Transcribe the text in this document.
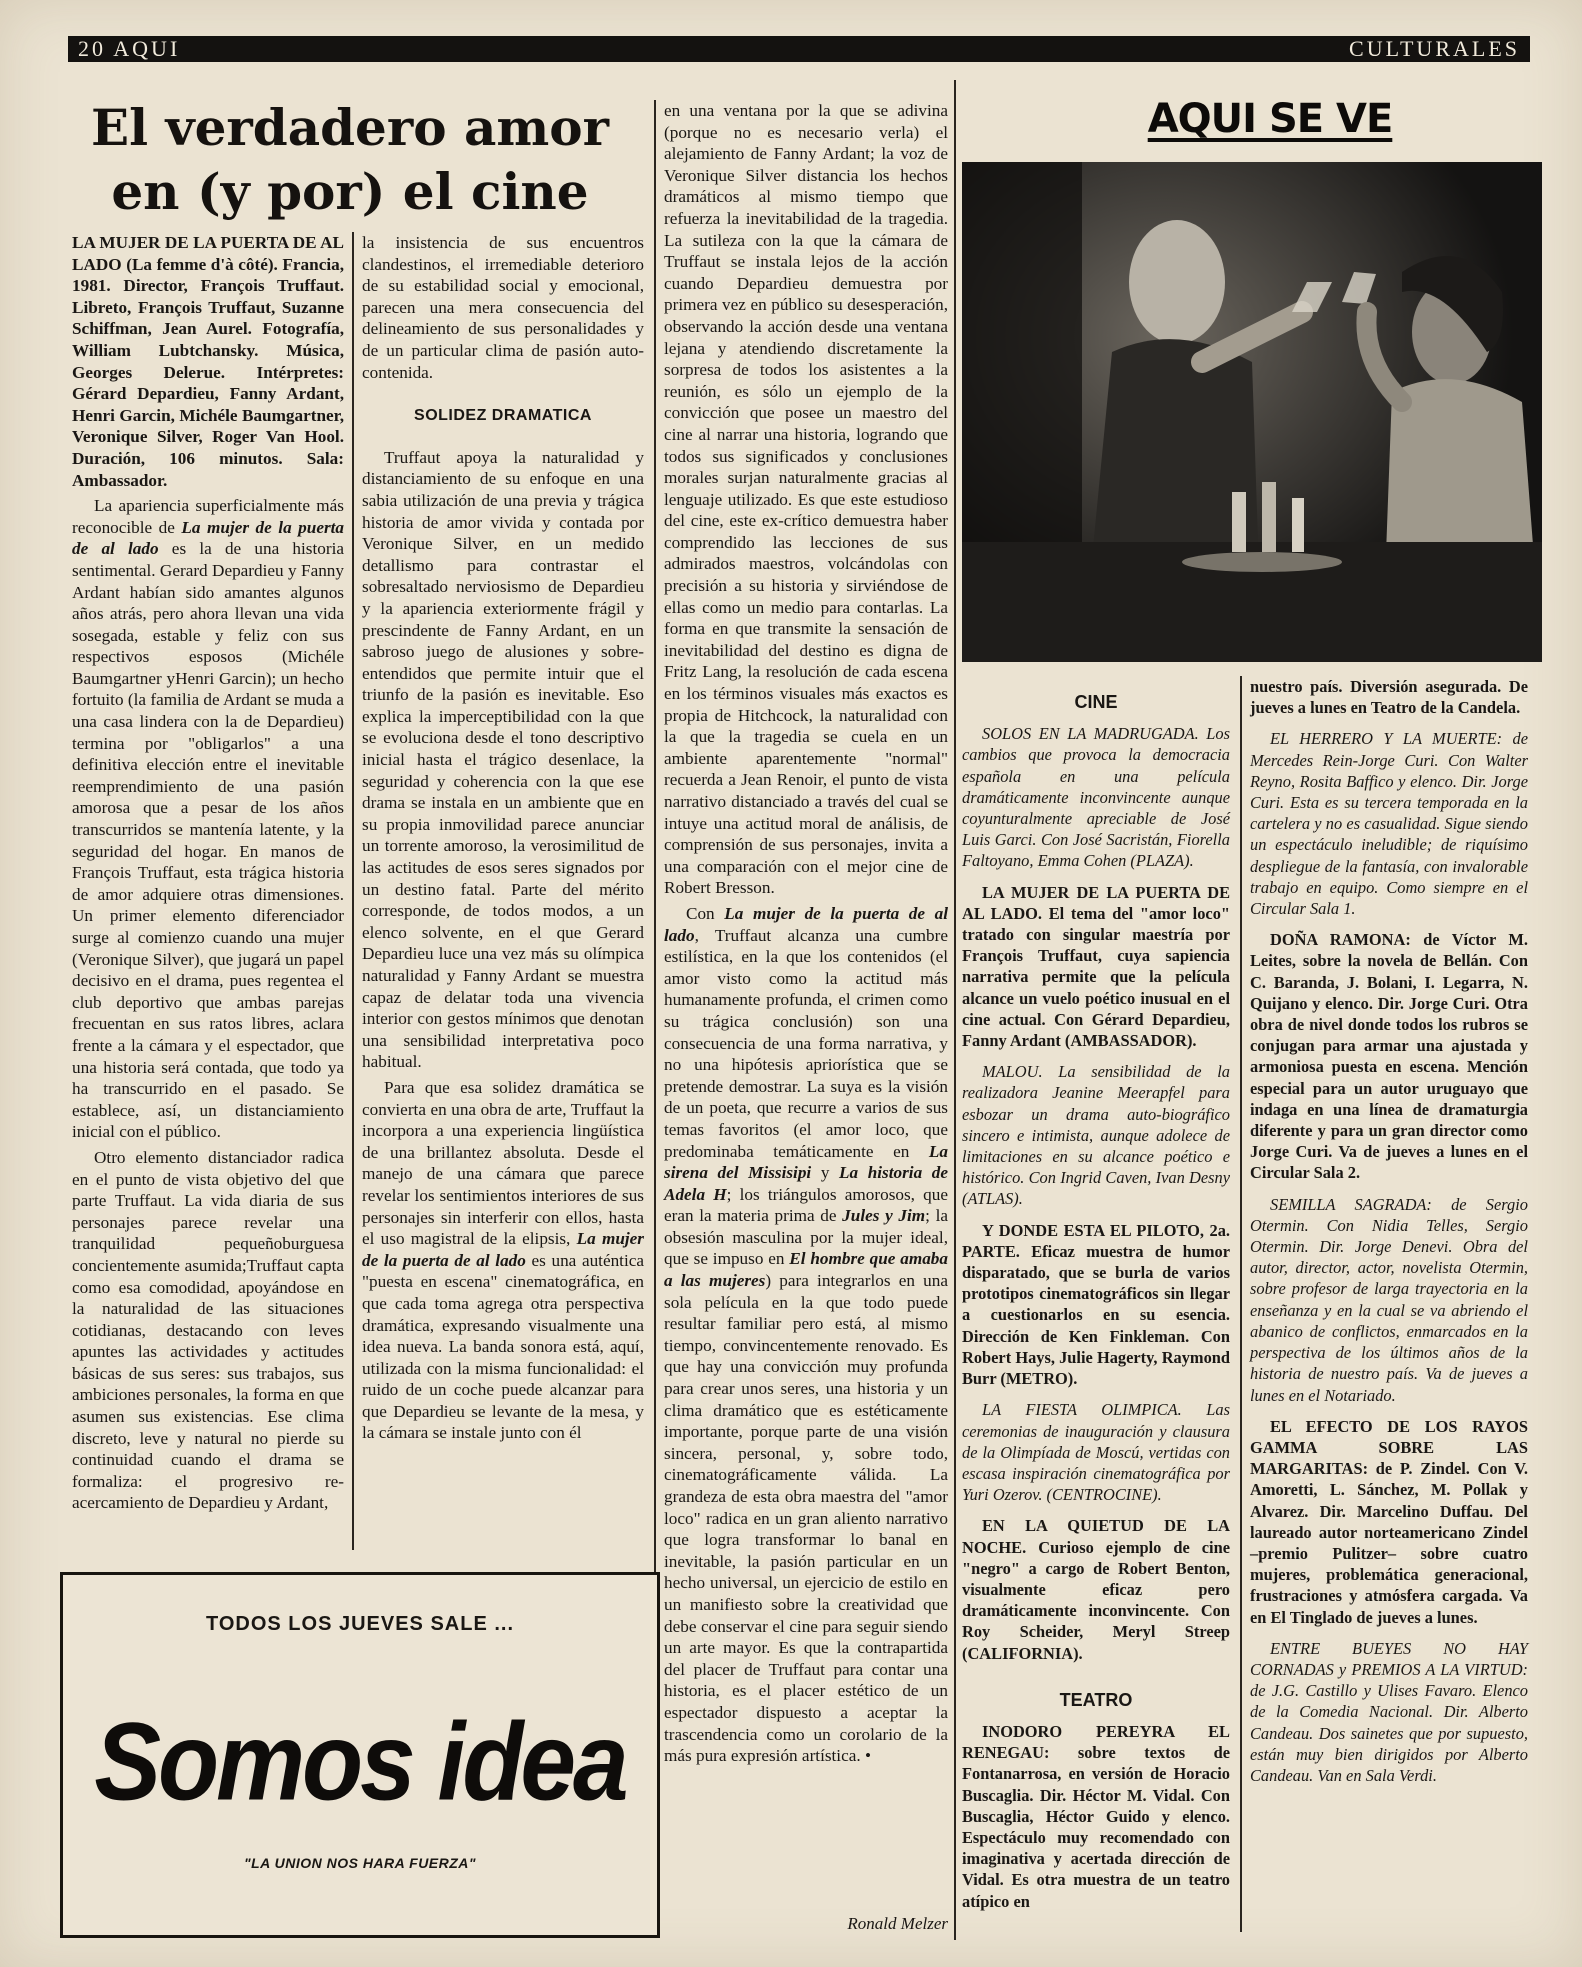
20 AQUI	CULTURALES
El verdadero amor
en (y por) el cine

LA MUJER DE LA PUERTA DE AL LADO (La femme d'à côté). Francia, 1981. Director, François Truffaut. Libreto, François Truffaut, Suzanne Schiffman, Jean Aurel. Fotografía, William Lubtchansky. Música, Georges Delerue. Intérpretes: Gérard Depardieu, Fanny Ardant, Henri Garcin, Michéle Baumgartner, Veronique Silver, Roger Van Hool. Duración, 106 minutos. Sala: Ambassador.

La apariencia superficialmente más reconocible de La mujer de la puerta de al lado es la de una historia sentimental. Gerard Depardieu y Fanny Ardant habían sido amantes algunos años atrás, pero ahora llevan una vida sosegada, estable y feliz con sus respectivos esposos (Michéle Baumgartner yHenri Garcin); un hecho fortuito (la familia de Ardant se muda a una casa lindera con la de Depardieu) termina por "obligarlos" a una definitiva elección entre el inevitable reemprendimiento de una pasión amorosa que a pesar de los años transcurridos se mantenía latente, y la seguridad del hogar. En manos de François Truffaut, esta trágica historia de amor adquiere otras dimensiones. Un primer elemento diferenciador surge al comienzo cuando una mujer (Veronique Silver), que jugará un papel decisivo en el drama, pues regentea el club deportivo que ambas parejas frecuentan en sus ratos libres, aclara frente a la cámara y el espectador, que una historia será contada, que todo ya ha transcurrido en el pasado. Se establece, así, un distanciamiento inicial con el público.

Otro elemento distanciador radica en el punto de vista objetivo del que parte Truffaut. La vida diaria de sus personajes parece revelar una tranquilidad pequeñoburguesa concientemente asumida;Truffaut capta como esa comodidad, apoyándose en la naturalidad de las situaciones cotidianas, destacando con leves apuntes las actividades y actitudes básicas de sus seres: sus trabajos, sus ambiciones personales, la forma en que asumen sus existencias. Ese clima discreto, leve y natural no pierde su continuidad cuando el drama se formaliza: el progresivo re-acercamiento de Depardieu y Ardant,

la insistencia de sus encuentros clandestinos, el irremediable deterioro de su estabilidad social y emocional, parecen una mera consecuencia del delineamiento de sus personalidades y de un particular clima de pasión auto-contenida.

SOLIDEZ DRAMATICA

Truffaut apoya la naturalidad y distanciamiento de su enfoque en una sabia utilización de una previa y trágica historia de amor vivida y contada por Veronique Silver, en un medido detallismo para contrastar el sobresaltado nerviosismo de Depardieu y la apariencia exteriormente frágil y prescindente de Fanny Ardant, en un sabroso juego de alusiones y sobre-entendidos que permite intuir que el triunfo de la pasión es inevitable. Eso explica la imperceptibilidad con la que se evoluciona desde el tono descriptivo inicial hasta el trágico desenlace, la seguridad y coherencia con la que ese drama se instala en un ambiente que en su propia inmovilidad parece anunciar un torrente amoroso, la verosimilitud de las actitudes de esos seres signados por un destino fatal. Parte del mérito corresponde, de todos modos, a un elenco solvente, en el que Gerard Depardieu luce una vez más su olímpica naturalidad y Fanny Ardant se muestra capaz de delatar toda una vivencia interior con gestos mínimos que denotan una sensibilidad interpretativa poco habitual.

Para que esa solidez dramática se convierta en una obra de arte, Truffaut la incorpora a una experiencia lingüística de una brillantez absoluta. Desde el manejo de una cámara que parece revelar los sentimientos interiores de sus personajes sin interferir con ellos, hasta el uso magistral de la elipsis, La mujer de la puerta de al lado es una auténtica "puesta en escena" cinematográfica, en que cada toma agrega otra perspectiva dramática, expresando visualmente una idea nueva. La banda sonora está, aquí, utilizada con la misma funcionalidad: el ruido de un coche puede alcanzar para que Depardieu se levante de la mesa, y la cámara se instale junto con él

en una ventana por la que se adivina (porque no es necesario verla) el alejamiento de Fanny Ardant; la voz de Veronique Silver distancia los hechos dramáticos al mismo tiempo que refuerza la inevitabilidad de la tragedia. La sutileza con la que la cámara de Truffaut se instala lejos de la acción cuando Depardieu demuestra por primera vez en público su desesperación, observando la acción desde una ventana lejana y atendiendo discretamente la sorpresa de todos los asistentes a la reunión, es sólo un ejemplo de la convicción que posee un maestro del cine al narrar una historia, logrando que todos sus significados y conclusiones morales surjan naturalmente gracias al lenguaje utilizado. Es que este estudioso del cine, este ex-crítico demuestra haber comprendido las lecciones de sus admirados maestros, volcándolas con precisión a su historia y sirviéndose de ellas como un medio para contarlas. La forma en que transmite la sensación de inevitabilidad del destino es digna de Fritz Lang, la resolución de cada escena en los términos visuales más exactos es propia de Hitchcock, la naturalidad con la que la tragedia se cuela en un ambiente aparentemente "normal" recuerda a Jean Renoir, el punto de vista narrativo distanciado a través del cual se intuye una actitud moral de análisis, de comprensión de sus personajes, invita a una comparación con el mejor cine de Robert Bresson.

Con La mujer de la puerta de al lado, Truffaut alcanza una cumbre estilística, en la que los contenidos (el amor visto como la actitud más humanamente profunda, el crimen como su trágica conclusión) son una consecuencia de una forma narrativa, y no una hipótesis apriorística que se pretende demostrar. La suya es la visión de un poeta, que recurre a varios de sus temas favoritos (el amor loco, que predominaba temáticamente en La sirena del Missisipi y La historia de Adela H; los triángulos amorosos, que eran la materia prima de Jules y Jim; la obsesión masculina por la mujer ideal, que se impuso en El hombre que amaba a las mujeres) para integrarlos en una sola película en la que todo puede resultar familiar pero está, al mismo tiempo, convincentemente renovado. Es que hay una convicción muy profunda para crear unos seres, una historia y un clima dramático que es estéticamente importante, porque parte de una visión sincera, personal, y, sobre todo, cinematográficamente válida. La grandeza de esta obra maestra del "amor loco" radica en un gran aliento narrativo que logra transformar lo banal en inevitable, la pasión particular en un hecho universal, un ejercicio de estilo en un manifiesto sobre la creatividad que debe conservar el cine para seguir siendo un arte mayor. Es que la contrapartida del placer de Truffaut para contar una historia, es el placer estético de un espectador dispuesto a aceptar la trascendencia como un corolario de la más pura expresión artística. •

Ronald Melzer
TODOS LOS JUEVES SALE ...
Somos idea
"LA UNION NOS HARA FUERZA"
AQUI SE VE

CINE

SOLOS EN LA MADRUGADA. Los cambios que provoca la democracia española en una película dramáticamente inconvincente aunque coyunturalmente apreciable de José Luis Garci. Con José Sacristán, Fiorella Faltoyano, Emma Cohen (PLAZA).

LA MUJER DE LA PUERTA DE AL LADO. El tema del "amor loco" tratado con singular maestría por François Truffaut, cuya sapiencia narrativa permite que la película alcance un vuelo poético inusual en el cine actual. Con Gérard Depardieu, Fanny Ardant (AMBASSADOR).

MALOU. La sensibilidad de la realizadora Jeanine Meerapfel para esbozar un drama auto-biográfico sincero e intimista, aunque adolece de limitaciones en su alcance poético e histórico. Con Ingrid Caven, Ivan Desny (ATLAS).

Y DONDE ESTA EL PILOTO, 2a. PARTE. Eficaz muestra de humor disparatado, que se burla de varios prototipos cinematográficos sin llegar a cuestionarlos en su esencia. Dirección de Ken Finkleman. Con Robert Hays, Julie Hagerty, Raymond Burr (METRO).

LA FIESTA OLIMPICA. Las ceremonias de inauguración y clausura de la Olimpíada de Moscú, vertidas con escasa inspiración cinematográfica por Yuri Ozerov. (CENTROCINE).

EN LA QUIETUD DE LA NOCHE. Curioso ejemplo de cine "negro" a cargo de Robert Benton, visualmente eficaz pero dramáticamente inconvincente. Con Roy Scheider, Meryl Streep (CALIFORNIA).

TEATRO

INODORO PEREYRA EL RENEGAU: sobre textos de Fontanarrosa, en versión de Horacio Buscaglia. Dir. Héctor M. Vidal. Con Buscaglia, Héctor Guido y elenco. Espectáculo muy recomendado con imaginativa y acertada dirección de Vidal. Es otra muestra de un teatro atípico en

nuestro país. Diversión asegurada. De jueves a lunes en Teatro de la Candela.

EL HERRERO Y LA MUERTE: de Mercedes Rein-Jorge Curi. Con Walter Reyno, Rosita Baffico y elenco. Dir. Jorge Curi. Esta es su tercera temporada en la cartelera y no es casualidad. Sigue siendo un espectáculo ineludible; de riquísimo despliegue de la fantasía, con invalorable trabajo en equipo. Como siempre en el Circular Sala 1.

DOÑA RAMONA: de Víctor M. Leites, sobre la novela de Bellán. Con C. Baranda, J. Bolani, I. Legarra, N. Quijano y elenco. Dir. Jorge Curi. Otra obra de nivel donde todos los rubros se conjugan para armar una ajustada y armoniosa puesta en escena. Mención especial para un autor uruguayo que indaga en una línea de dramaturgia diferente y para un gran director como Jorge Curi. Va de jueves a lunes en el Circular Sala 2.

SEMILLA SAGRADA: de Sergio Otermin. Con Nidia Telles, Sergio Otermin. Dir. Jorge Denevi. Obra del autor, director, actor, novelista Otermin, sobre profesor de larga trayectoria en la enseñanza y en la cual se va abriendo el abanico de conflictos, enmarcados en la perspectiva de los últimos años de la historia de nuestro país. Va de jueves a lunes en el Notariado.

EL EFECTO DE LOS RAYOS GAMMA SOBRE LAS MARGARITAS: de P. Zindel. Con V. Amoretti, L. Sánchez, M. Pollak y Alvarez. Dir. Marcelino Duffau. Del laureado autor norteamericano Zindel –premio Pulitzer– sobre cuatro mujeres, problemática generacional, frustraciones y atmósfera cargada. Va en El Tinglado de jueves a lunes.

ENTRE BUEYES NO HAY CORNADAS y PREMIOS A LA VIRTUD: de J.G. Castillo y Ulises Favaro. Elenco de la Comedia Nacional. Dir. Alberto Candeau. Dos sainetes que por supuesto, están muy bien dirigidos por Alberto Candeau. Van en Sala Verdi.
